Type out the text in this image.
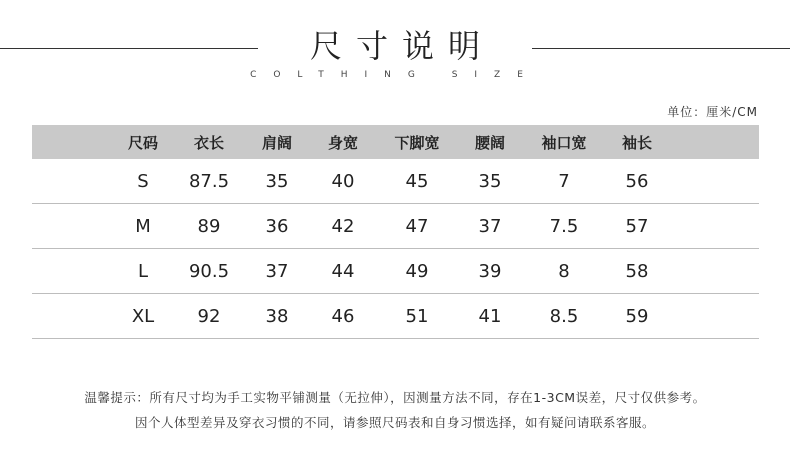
尺寸说明
COLTHING SIZE
单位：厘米/CM
尺码	衣长	肩阔	身宽	下脚宽	腰阔	袖口宽	袖长
S	87.5	35	40	45	35	7	56
M	89	36	42	47	37	7.5	57
L	90.5	37	44	49	39	8	58
XL	92	38	46	51	41	8.5	59
温馨提示：所有尺寸均为手工实物平铺测量（无拉伸），因测量方法不同，存在1-3CM误差，尺寸仅供参考。
因个人体型差异及穿衣习惯的不同，请参照尺码表和自身习惯选择，如有疑问请联系客服。
